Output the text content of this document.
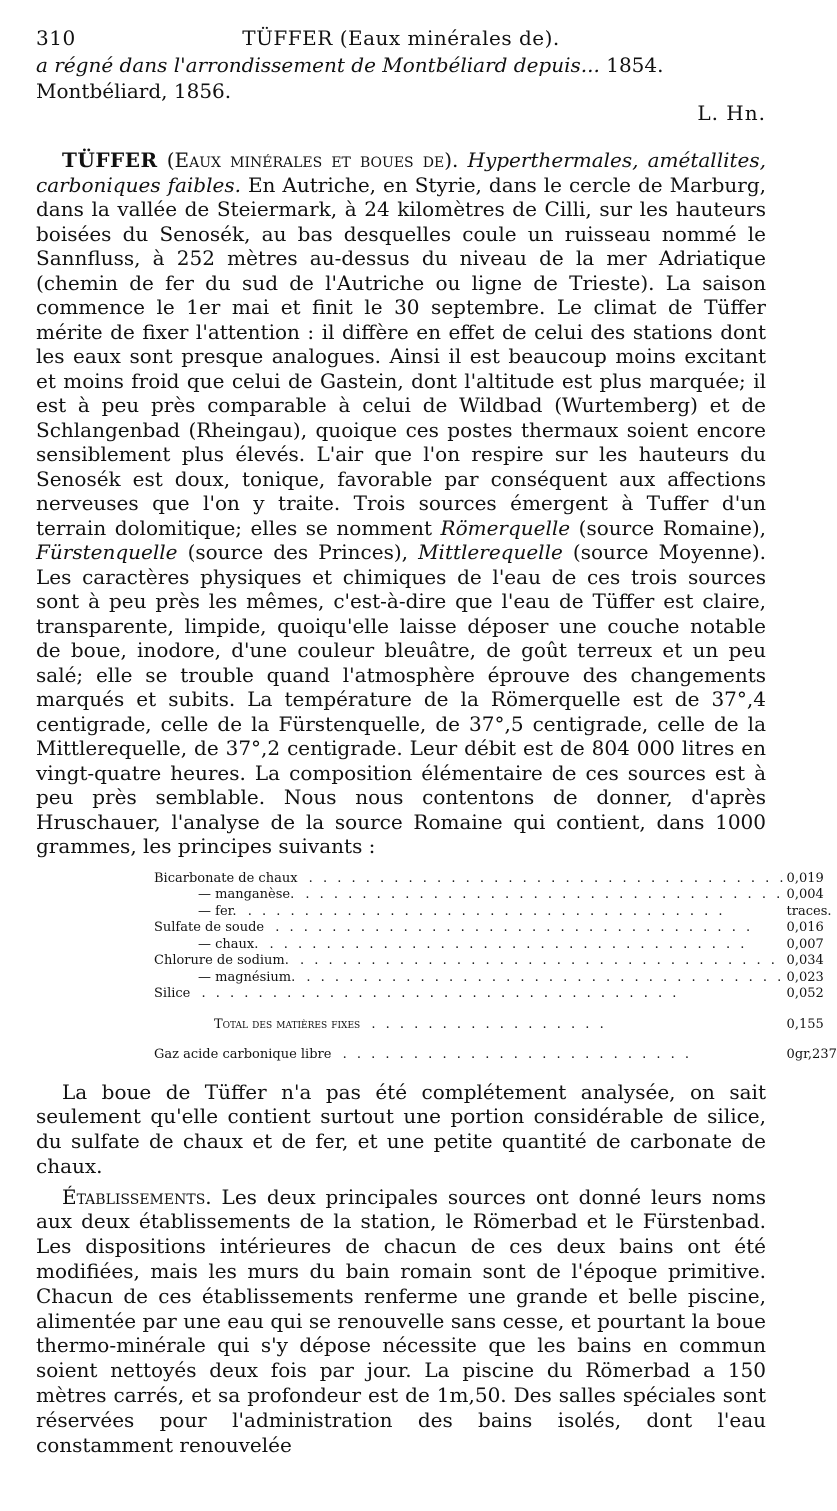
310	TÜFFER (Eaux minérales de).
a régné dans l'arrondissement de Montbéliard depuis... 1854. Montbéliard, 1856.
L. Hn.
TÜFFER (Eaux minérales et boues de). Hyperthermales, amétallites, carboniques faibles. En Autriche, en Styrie, dans le cercle de Marburg, dans la vallée de Steiermark, à 24 kilomètres de Cilli, sur les hauteurs boisées du Senosék, au bas desquelles coule un ruisseau nommé le Sannfluss, à 252 mètres au-dessus du niveau de la mer Adriatique (chemin de fer du sud de l'Autriche ou ligne de Trieste). La saison commence le 1er mai et finit le 30 septembre. Le climat de Tüffer mérite de fixer l'attention : il diffère en effet de celui des stations dont les eaux sont presque analogues. Ainsi il est beaucoup moins excitant et moins froid que celui de Gastein, dont l'altitude est plus marquée; il est à peu près comparable à celui de Wildbad (Wurtemberg) et de Schlangenbad (Rheingau), quoique ces postes thermaux soient encore sensiblement plus élevés. L'air que l'on respire sur les hauteurs du Senosék est doux, tonique, favorable par conséquent aux affections nerveuses que l'on y traite. Trois sources émergent à Tuffer d'un terrain dolomitique; elles se nomment Römerquelle (source Romaine), Fürstenquelle (source des Princes), Mittlerequelle (source Moyenne). Les caractères physiques et chimiques de l'eau de ces trois sources sont à peu près les mêmes, c'est-à-dire que l'eau de Tüffer est claire, transparente, limpide, quoiqu'elle laisse déposer une couche notable de boue, inodore, d'une couleur bleuâtre, de goût terreux et un peu salé; elle se trouble quand l'atmosphère éprouve des changements marqués et subits. La température de la Römerquelle est de 37°,4 centigrade, celle de la Fürstenquelle, de 37°,5 centigrade, celle de la Mittlerequelle, de 37°,2 centigrade. Leur débit est de 804 000 litres en vingt-quatre heures. La composition élémentaire de ces sources est à peu près semblable. Nous nous contentons de donner, d'après Hruschauer, l'analyse de la source Romaine qui contient, dans 1000 grammes, les principes suivants :
Bicarbonate de chaux . . . . . . . . . . . . . . . . . . . . . . . . . . . . . . . . . .	0,019
— manganèse. . . . . . . . . . . . . . . . . . . . . . . . . . . . . . . . . . .	0,004
— fer. . . . . . . . . . . . . . . . . . . . . . . . . . . . . . . . . . .	traces.
Sulfate de soude . . . . . . . . . . . . . . . . . . . . . . . . . . . . . . . . . .	0,016
— chaux. . . . . . . . . . . . . . . . . . . . . . . . . . . . . . . . . . .	0,007
Chlorure de sodium. . . . . . . . . . . . . . . . . . . . . . . . . . . . . . . . . . .	0,034
— magnésium. . . . . . . . . . . . . . . . . . . . . . . . . . . . . . . . . . .	0,023
Silice . . . . . . . . . . . . . . . . . . . . . . . . . . . . . . . . . .	0,052

Total des matières fixes . . . . . . . . . . . . . . . . .	0,155

Gaz acide carbonique libre . . . . . . . . . . . . . . . . . . . . . . . . .	0gr,237
La boue de Tüffer n'a pas été complétement analysée, on sait seulement qu'elle contient surtout une portion considérable de silice, du sulfate de chaux et de fer, et une petite quantité de carbonate de chaux.
Établissements. Les deux principales sources ont donné leurs noms aux deux établissements de la station, le Römerbad et le Fürstenbad. Les dispositions intérieures de chacun de ces deux bains ont été modifiées, mais les murs du bain romain sont de l'époque primitive. Chacun de ces établissements renferme une grande et belle piscine, alimentée par une eau qui se renouvelle sans cesse, et pourtant la boue thermo-minérale qui s'y dépose nécessite que les bains en commun soient nettoyés deux fois par jour. La piscine du Römerbad a 150 mètres carrés, et sa profondeur est de 1m,50. Des salles spéciales sont réservées pour l'administration des bains isolés, dont l'eau constamment renouvelée
